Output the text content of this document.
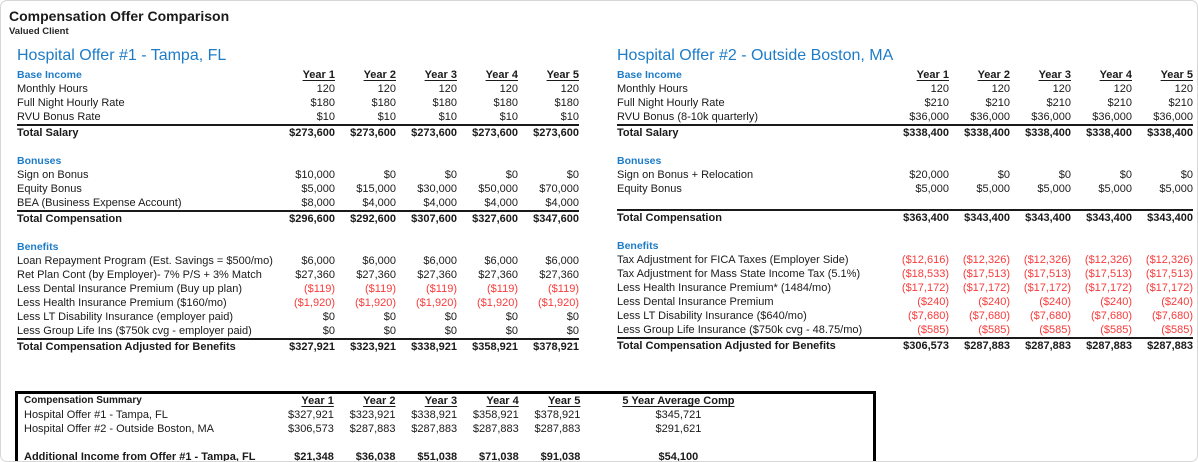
Compensation Offer Comparison
Valued Client
Hospital Offer #1 - Tampa, FL
Base Income	Year 1	Year 2	Year 3	Year 4	Year 5
Monthly Hours	120	120	120	120	120
Full Night Hourly Rate	$180	$180	$180	$180	$180
RVU Bonus Rate	$10	$10	$10	$10	$10
Total Salary	$273,600	$273,600	$273,600	$273,600	$273,600

Bonuses					
Sign on Bonus	$10,000	$0	$0	$0	$0
Equity Bonus	$5,000	$15,000	$30,000	$50,000	$70,000
BEA (Business Expense Account)	$8,000	$4,000	$4,000	$4,000	$4,000
Total Compensation	$296,600	$292,600	$307,600	$327,600	$347,600

Benefits					
Loan Repayment Program (Est. Savings = $500/mo)	$6,000	$6,000	$6,000	$6,000	$6,000
Ret Plan Cont (by Employer)- 7% P/S + 3% Match	$27,360	$27,360	$27,360	$27,360	$27,360
Less Dental Insurance Premium (Buy up plan)	($119)	($119)	($119)	($119)	($119)
Less Health Insurance Premium ($160/mo)	($1,920)	($1,920)	($1,920)	($1,920)	($1,920)
Less LT Disability Insurance (employer paid)	$0	$0	$0	$0	$0
Less Group Life Ins ($750k cvg - employer paid)	$0	$0	$0	$0	$0
Total Compensation Adjusted for Benefits	$327,921	$323,921	$338,921	$358,921	$378,921
Hospital Offer #2 - Outside Boston, MA
Base Income	Year 1	Year 2	Year 3	Year 4	Year 5
Monthly Hours	120	120	120	120	120
Full Night Hourly Rate	$210	$210	$210	$210	$210
RVU Bonus (8-10k quarterly)	$36,000	$36,000	$36,000	$36,000	$36,000
Total Salary	$338,400	$338,400	$338,400	$338,400	$338,400

Bonuses					
Sign on Bonus + Relocation	$20,000	$0	$0	$0	$0
Equity Bonus	$5,000	$5,000	$5,000	$5,000	$5,000

Total Compensation	$363,400	$343,400	$343,400	$343,400	$343,400

Benefits					
Tax Adjustment for FICA Taxes (Employer Side)	($12,616)	($12,326)	($12,326)	($12,326)	($12,326)
Tax Adjustment for Mass State Income Tax (5.1%)	($18,533)	($17,513)	($17,513)	($17,513)	($17,513)
Less Health Insurance Premium* (1484/mo)	($17,172)	($17,172)	($17,172)	($17,172)	($17,172)
Less Dental Insurance Premium	($240)	($240)	($240)	($240)	($240)
Less LT Disability Insurance ($640/mo)	($7,680)	($7,680)	($7,680)	($7,680)	($7,680)
Less Group Life Insurance ($750k cvg - 48.75/mo)	($585)	($585)	($585)	($585)	($585)
Total Compensation Adjusted for Benefits	$306,573	$287,883	$287,883	$287,883	$287,883
Compensation Summary	Year 1	Year 2	Year 3	Year 4	Year 5	5 Year Average Comp	
Hospital Offer #1 - Tampa, FL	$327,921	$323,921	$338,921	$358,921	$378,921	$345,721	
Hospital Offer #2 - Outside Boston, MA	$306,573	$287,883	$287,883	$287,883	$287,883	$291,621	

Additional Income from Offer #1 - Tampa, FL	$21,348	$36,038	$51,038	$71,038	$91,038	$54,100	
